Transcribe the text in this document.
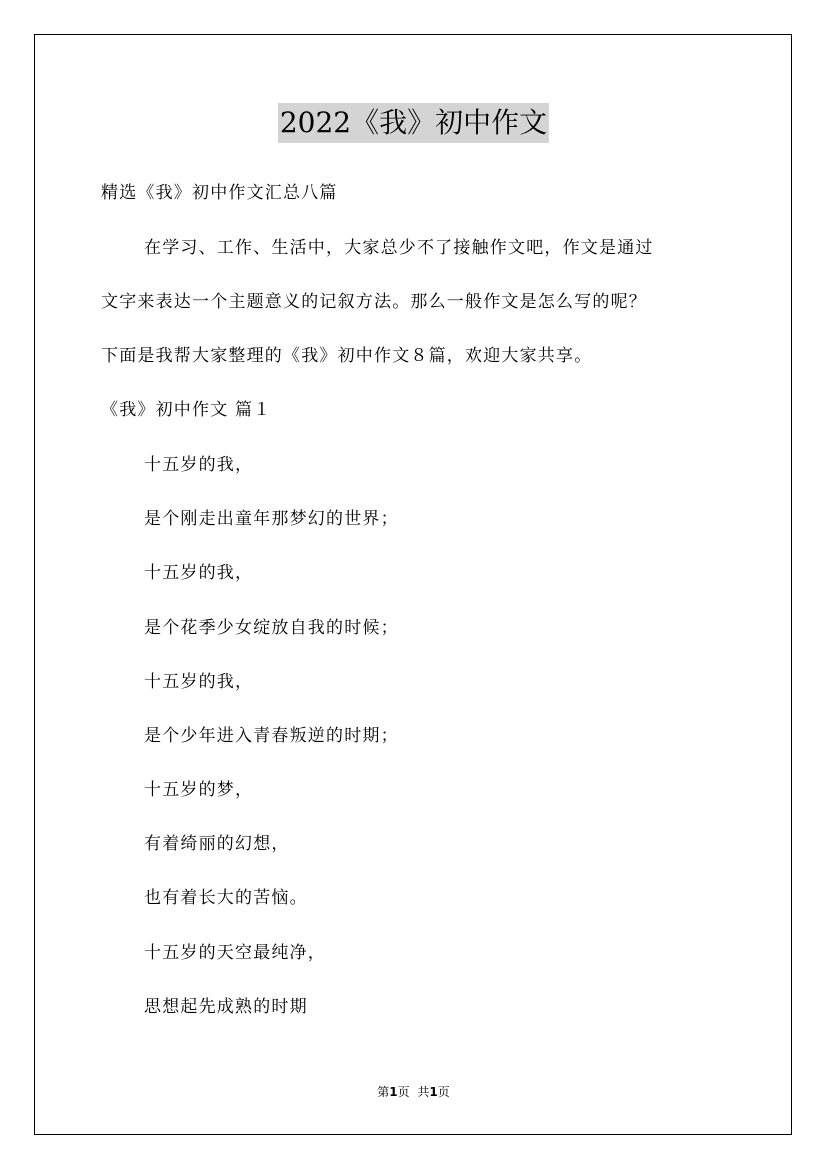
2022《我》初中作文
精选《我》初中作文汇总八篇
在学习、工作、生活中，大家总少不了接触作文吧，作文是通过
文字来表达一个主题意义的记叙方法。那么一般作文是怎么写的呢？
下面是我帮大家整理的《我》初中作文８篇，欢迎大家共享。
《我》初中作文 篇１
十五岁的我，
是个刚走出童年那梦幻的世界；
十五岁的我，
是个花季少女绽放自我的时候；
十五岁的我，
是个少年进入青春叛逆的时期；
十五岁的梦，
有着绮丽的幻想，
也有着长大的苦恼。
十五岁的天空最纯净，
思想起先成熟的时期
第1页 共1页
